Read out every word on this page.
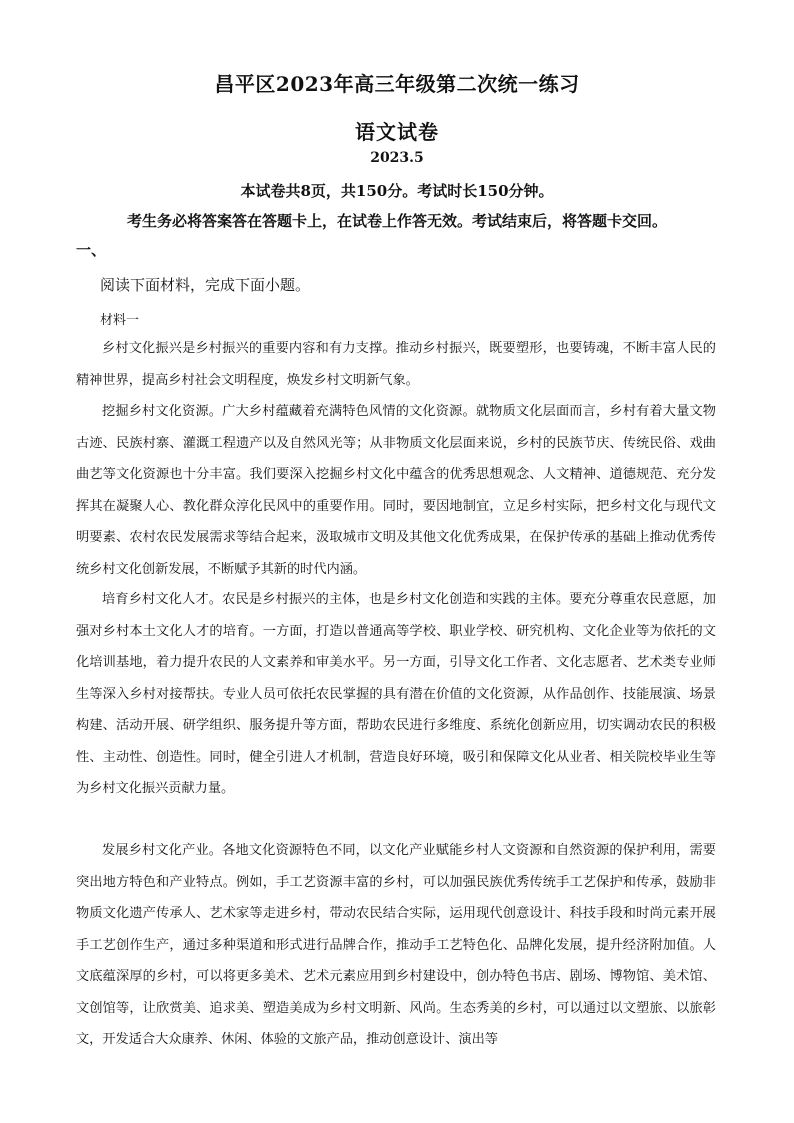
昌平区2023年高三年级第二次统一练习
语文试卷
2023.5
本试卷共8页，共150分。考试时长150分钟。
考生务必将答案答在答题卡上，在试卷上作答无效。考试结束后，将答题卡交回。
一、
阅读下面材料，完成下面小题。
材料一

乡村文化振兴是乡村振兴的重要内容和有力支撑。推动乡村振兴，既要塑形，也要铸魂，不断丰富人民的精神世界，提高乡村社会文明程度，焕发乡村文明新气象。

挖掘乡村文化资源。广大乡村蕴藏着充满特色风情的文化资源。就物质文化层面而言，乡村有着大量文物古迹、民族村寨、灌溉工程遗产以及自然风光等；从非物质文化层面来说，乡村的民族节庆、传统民俗、戏曲曲艺等文化资源也十分丰富。我们要深入挖掘乡村文化中蕴含的优秀思想观念、人文精神、道德规范、充分发挥其在凝聚人心、教化群众淳化民风中的重要作用。同时，要因地制宜，立足乡村实际，把乡村文化与现代文明要素、农村农民发展需求等结合起来，汲取城市文明及其他文化优秀成果，在保护传承的基础上推动优秀传统乡村文化创新发展，不断赋予其新的时代内涵。

培育乡村文化人才。农民是乡村振兴的主体，也是乡村文化创造和实践的主体。要充分尊重农民意愿，加强对乡村本土文化人才的培育。一方面，打造以普通高等学校、职业学校、研究机构、文化企业等为依托的文化培训基地，着力提升农民的人文素养和审美水平。另一方面，引导文化工作者、文化志愿者、艺术类专业师生等深入乡村对接帮扶。专业人员可依托农民掌握的具有潜在价值的文化资源，从作品创作、技能展演、场景构建、活动开展、研学组织、服务提升等方面，帮助农民进行多维度、系统化创新应用，切实调动农民的积极性、主动性、创造性。同时，健全引进人才机制，营造良好环境，吸引和保障文化从业者、相关院校毕业生等为乡村文化振兴贡献力量。

发展乡村文化产业。各地文化资源特色不同，以文化产业赋能乡村人文资源和自然资源的保护利用，需要突出地方特色和产业特点。例如，手工艺资源丰富的乡村，可以加强民族优秀传统手工艺保护和传承，鼓励非物质文化遗产传承人、艺术家等走进乡村，带动农民结合实际，运用现代创意设计、科技手段和时尚元素开展手工艺创作生产，通过多种渠道和形式进行品牌合作，推动手工艺特色化、品牌化发展，提升经济附加值。人文底蕴深厚的乡村，可以将更多美术、艺术元素应用到乡村建设中，创办特色书店、剧场、博物馆、美术馆、文创馆等，让欣赏美、追求美、塑造美成为乡村文明新、风尚。生态秀美的乡村，可以通过以文塑旅、以旅彰文，开发适合大众康养、休闲、体验的文旅产品，推动创意设计、演出等
